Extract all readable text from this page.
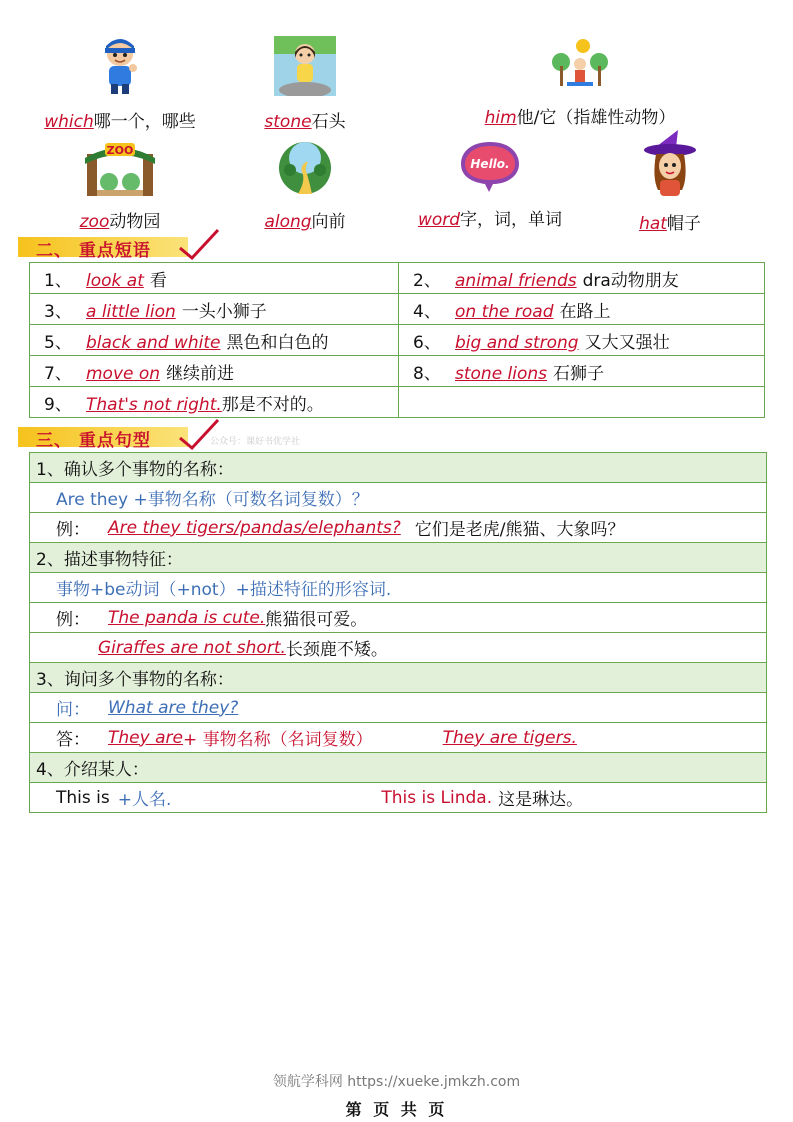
which哪一个，哪些	stone石头	him他/它（指雄性动物）
ZOO
zoo动物园	along向前
Hello.
word字，词，单词	hat帽子
二、 重点短语
1、 look at 看	2、 animal friends dra动物朋友
3、 a little lion 一头小狮子	4、 on the road 在路上
5、 black and white 黑色和白色的	6、 big and strong 又大又强壮
7、 move on 继续前进	8、 stone lions 石狮子
9、 That's not right.那是不对的。	
三、 重点句型	公众号：课好书优学社
1、确认多个事物的名称：
Are they +事物名称（可数名词复数）？
例： Are they tigers/pandas/elephants? 它们是老虎/熊猫、大象吗？
2、描述事物特征：
事物+be动词（+not）+描述特征的形容词.
例： The panda is cute. 熊猫很可爱。
Giraffes are not short. 长颈鹿不矮。
3、询问多个事物的名称：
问： What are they?
答： They are + 事物名称（名词复数）	They are tigers.
4、介绍某人：
This is +人名.	This is Linda. 这是琳达。
领航学科网 https://xueke.jmkzh.com
第 页 共 页
